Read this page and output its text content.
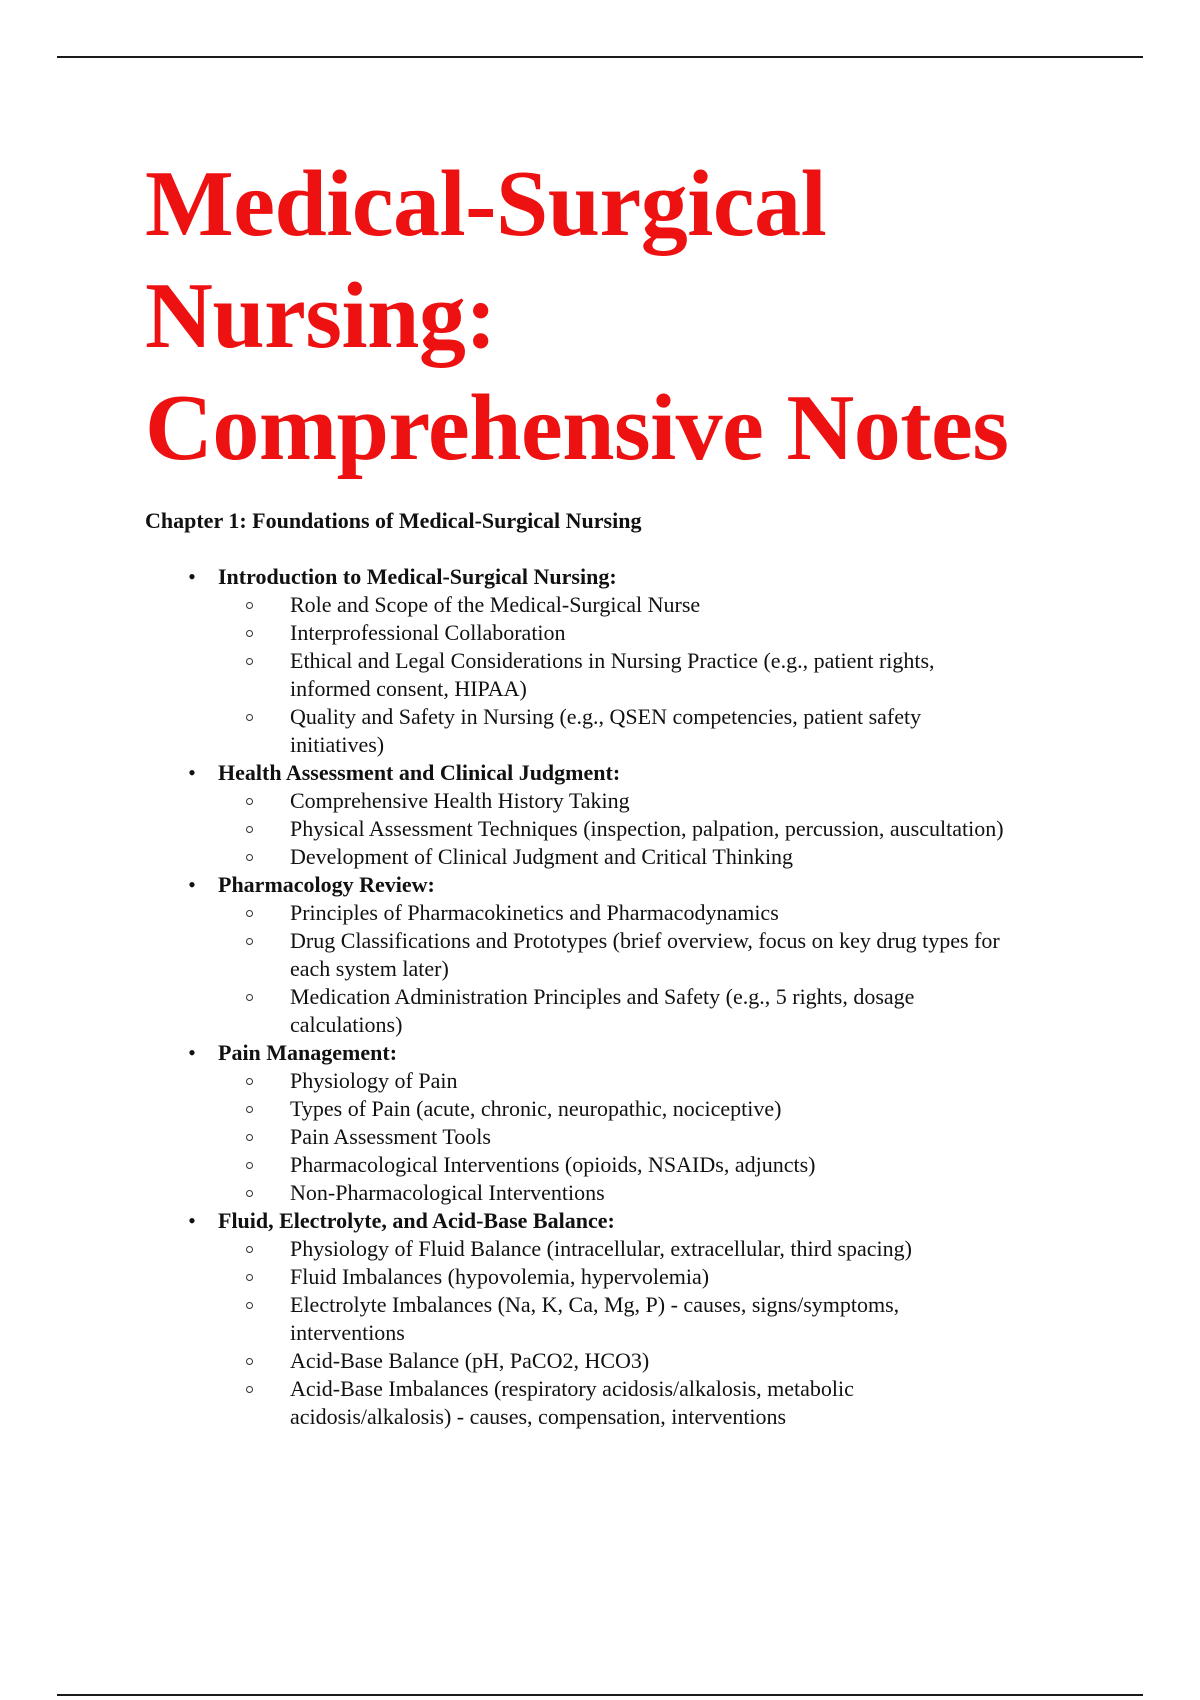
Medical-Surgical
Nursing:
Comprehensive Notes
Chapter 1: Foundations of Medical-Surgical Nursing
• Introduction to Medical-Surgical Nursing:
Role and Scope of the Medical-Surgical Nurse
Interprofessional Collaboration
Ethical and Legal Considerations in Nursing Practice (e.g., patient rights,
informed consent, HIPAA)
Quality and Safety in Nursing (e.g., QSEN competencies, patient safety
initiatives)
• Health Assessment and Clinical Judgment:
Comprehensive Health History Taking
Physical Assessment Techniques (inspection, palpation, percussion, auscultation)
Development of Clinical Judgment and Critical Thinking
• Pharmacology Review:
Principles of Pharmacokinetics and Pharmacodynamics
Drug Classifications and Prototypes (brief overview, focus on key drug types for
each system later)
Medication Administration Principles and Safety (e.g., 5 rights, dosage
calculations)
• Pain Management:
Physiology of Pain
Types of Pain (acute, chronic, neuropathic, nociceptive)
Pain Assessment Tools
Pharmacological Interventions (opioids, NSAIDs, adjuncts)
Non-Pharmacological Interventions
• Fluid, Electrolyte, and Acid-Base Balance:
Physiology of Fluid Balance (intracellular, extracellular, third spacing)
Fluid Imbalances (hypovolemia, hypervolemia)
Electrolyte Imbalances (Na, K, Ca, Mg, P) - causes, signs/symptoms,
interventions
Acid-Base Balance (pH, PaCO2, HCO3)
Acid-Base Imbalances (respiratory acidosis/alkalosis, metabolic
acidosis/alkalosis) - causes, compensation, interventions
